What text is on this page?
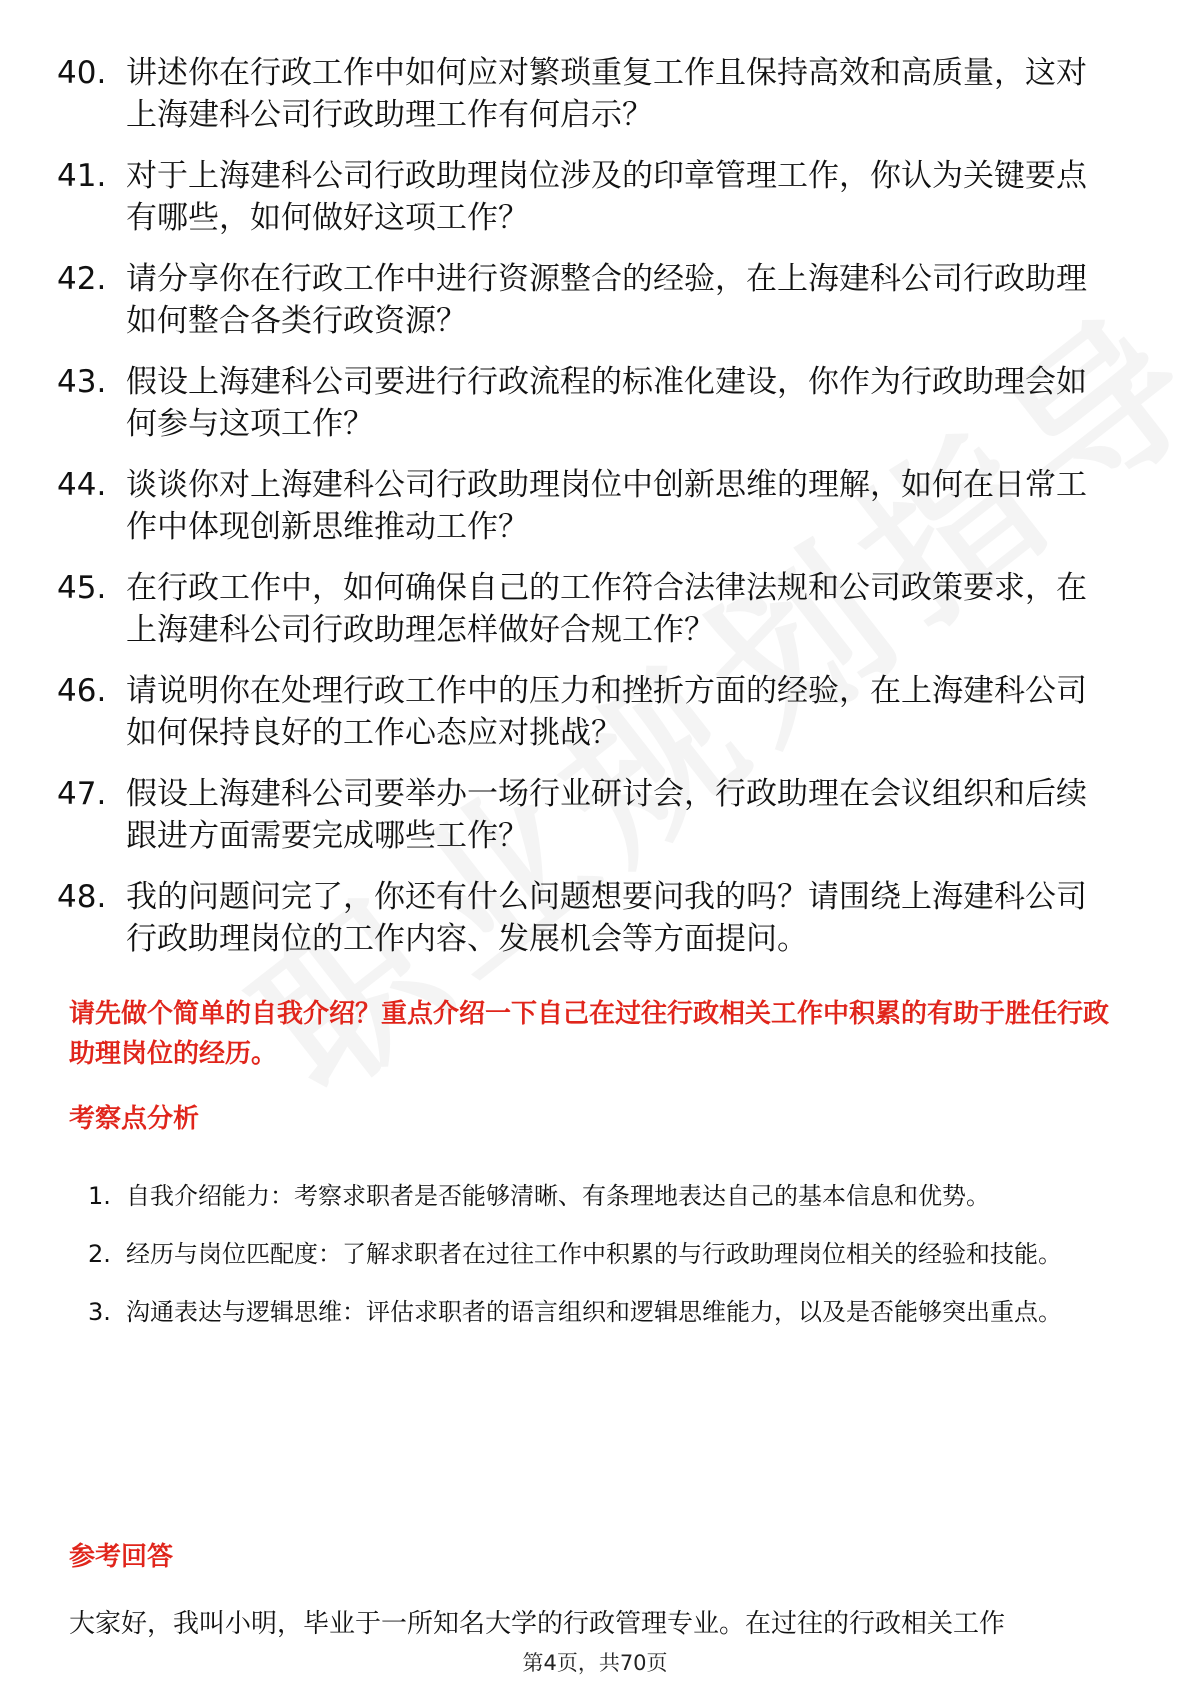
40. 讲述你在行政工作中如何应对繁琐重复工作且保持高效和高质量，这对上海建科公司行政助理工作有何启示？
41. 对于上海建科公司行政助理岗位涉及的印章管理工作，你认为关键要点有哪些，如何做好这项工作？
42. 请分享你在行政工作中进行资源整合的经验，在上海建科公司行政助理如何整合各类行政资源？
43. 假设上海建科公司要进行行政流程的标准化建设，你作为行政助理会如何参与这项工作？
44. 谈谈你对上海建科公司行政助理岗位中创新思维的理解，如何在日常工作中体现创新思维推动工作？
45. 在行政工作中，如何确保自己的工作符合法律法规和公司政策要求，在上海建科公司行政助理怎样做好合规工作？
46. 请说明你在处理行政工作中的压力和挫折方面的经验，在上海建科公司如何保持良好的工作心态应对挑战？
47. 假设上海建科公司要举办一场行业研讨会，行政助理在会议组织和后续跟进方面需要完成哪些工作？
48. 我的问题问完了，你还有什么问题想要问我的吗？请围绕上海建科公司行政助理岗位的工作内容、发展机会等方面提问。
请先做个简单的自我介绍？重点介绍一下自己在过往行政相关工作中积累的有助于胜任行政助理岗位的经历。
考察点分析
1. 自我介绍能力：考察求职者是否能够清晰、有条理地表达自己的基本信息和优势。
2. 经历与岗位匹配度：了解求职者在过往工作中积累的与行政助理岗位相关的经验和技能。
3. 沟通表达与逻辑思维：评估求职者的语言组织和逻辑思维能力，以及是否能够突出重点。
参考回答
大家好，我叫小明，毕业于一所知名大学的行政管理专业。在过往的行政相关工作
第4页，共70页
